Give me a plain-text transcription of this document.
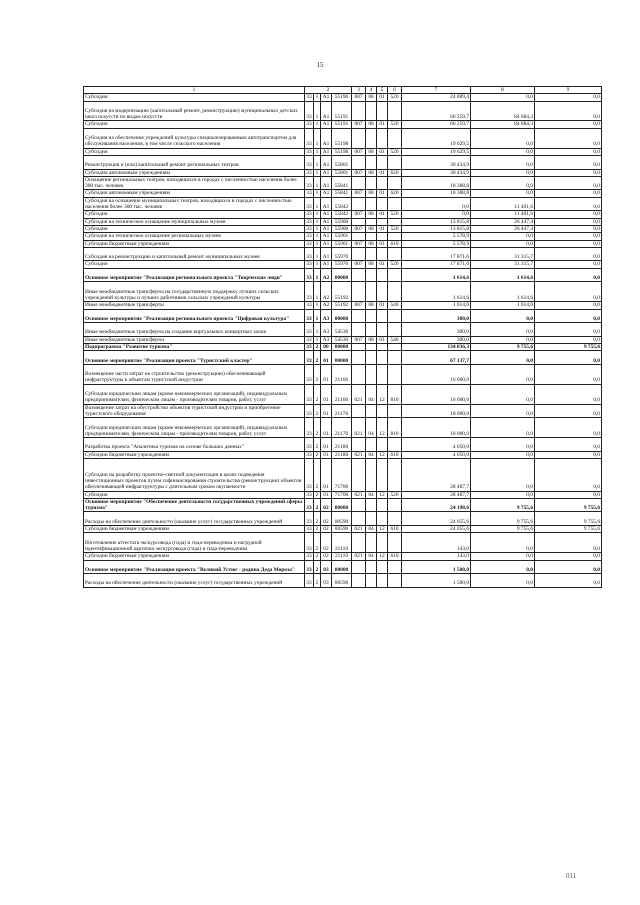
15
1	2				3	4	5	6	7	8	9
Субсидии	33	1	A1	55190	007	08	01	520	24 889,4	0,0	0,0
Субсидия на модернизацию (капитальный ремонт, реконструкцию) муниципальных детских школ искусств по видам искусств	33	1	A1	55191					60 259,7	84 684,3	0,0
Субсидии	33	1	A1	55191	007	08	01	520	60 259,7	84 684,3	0,0
Субсидия на обеспечение учреждений культуры специализированным автотранспортом для обслуживания населения, в том числе сельского населения	33	1	A1	55198					19 629,5	0,0	0,0
Субсидии	33	1	A1	55198	007	08	01	520	19 629,5	0,0	0,0
Реконструкция и (или) капитальный ремонт региональных театров	33	1	A1	55801					30 434,9	0,0	0,0
Субсидии автономным учреждениям	33	1	A1	55801	007	08	01	620	30 434,9	0,0	0,0
Оснащение региональных театров, находящихся в городах с численностью населения более 300 тыс. человек	33	1	A1	55841					18 388,8	0,0	0,0
Субсидии автономным учреждениям	33	1	A1	55841	007	08	01	620	18 388,8	0,0	0,0
Субсидия на оснащение муниципальных театров, находящихся в городах с численностью населения более 300 тыс. человек	33	1	A1	55842					0,0	11 401,6	0,0
Субсидии	33	1	A1	55842	007	08	01	520	0,0	11 401,6	0,0
Субсидия на техническое оснащение муниципальных музеев	33	1	A1	55900					13 815,8	26 447,4	0,0
Субсидии	33	1	A1	55900	007	08	01	520	13 815,8	26 447,4	0,0
Субсидия на техническое оснащение региональных музеев	33	1	A1	55901					5 578,9	0,0	0,0
Субсидии бюджетным учреждениям	33	1	A1	55901	007	08	01	610	5 578,9	0,0	0,0
Субсидия на реконструкцию и капитальный ремонт муниципальных музеев	33	1	A1	55970					17 871,6	31 315,7	0,0
Субсидии	33	1	A1	55970	007	08	01	520	17 871,6	31 315,7	0,0
Основное мероприятие "Реализация регионального проекта "Творческие люди"	33	1	A2	00000					1 614,6	1 614,6	0,0
Иные межбюджетные трансферты на государственную поддержку лучших сельских учреждений культуры и лучших работников сельских учреждений культуры	33	1	A2	55192					1 614,6	1 614,6	0,0
Иные межбюджетные трансферты	33	1	A2	55192	007	08	01	540	1 614,6	1 614,6	0,0
Основное мероприятие "Реализация регионального проекта "Цифровая культура"	33	1	A3	00000					300,0	0,0	0,0
Иные межбюджетные трансферты на создание виртуальных концертных залов	33	1	A3	54530					300,0	0,0	0,0
Иные межбюджетные трансферты	33	1	A3	54530	007	08	01	540	300,0	0,0	0,0
Подпрограмма "Развитие туризма"	33	2	00	00000					134 836,3	9 755,6	9 755,6
Основное мероприятие "Реализация проекта "Туристский кластер"	33	2	01	00000					67 137,7	0,0	0,0
Возмещение части затрат на строительство (реконструкцию) обеспечивающей инфраструктуры к объектам туристской индустрии	33	2	01	21160					16 000,0	0,0	0,0
Субсидии юридическим лицам (кроме некоммерческих организаций), индивидуальным предпринимателям, физическим лицам - производителям товаров, работ, услуг	33	2	01	21160	021	04	12	810	16 000,0	0,0	0,0
Возмещение затрат на обустройство объектов туристской индустрии и приобретение туристского оборудования	33	2	01	21170					18 000,0	0,0	0,0
Субсидии юридическим лицам (кроме некоммерческих организаций), индивидуальным предпринимателям, физическим лицам - производителям товаров, работ, услуг	33	2	01	21170	021	04	12	810	18 000,0	0,0	0,0
Разработка проекта "Аналитика туризма на основе больших данных"	33	2	01	21180					4 650,0	0,0	0,0
Субсидии бюджетным учреждениям	33	2	01	21180	021	04	12	610	4 650,0	0,0	0,0
Субсидии на разработку проектно-сметной документации в целях подведения инвестиционных проектов путем софинансирования строительства (реконструкции) объектов обеспечивающей инфраструктуры с длительным сроком окупаемости	33	2	01	71700					28 487,7	0,0	0,0
Субсидии	33	2	01	71700	021	04	12	520	28 487,7	0,0	0,0
Основное мероприятие "Обеспечение деятельности государственных учреждений сферы туризма"	33	2	02	00000					24 198,6	9 755,6	9 755,6
Расходы на обеспечение деятельности (оказание услуг) государственных учреждений	33	2	02	00590					24 055,6	9 755,6	9 755,6
Субсидии бюджетным учреждениям	33	2	02	00590	021	04	12	610	24 055,6	9 755,6	9 755,6
Изготовление аттестата экскурсовода (гида) и гида-переводчика и нагрудной идентификационной карточки экскурсовода (гида) и гида-переводчика	33	2	02	21110					143,0	0,0	0,0
Субсидии бюджетным учреждениям	33	2	02	21110	021	04	12	610	143,0	0,0	0,0
Основное мероприятие "Реализация проекта "Великий Устюг - родина Деда Мороза"	33	2	03	00000					1 500,0	0,0	0,0
Расходы на обеспечение деятельности (оказание услуг) государственных учреждений	33	2	03	00590					1 500,0	0,0	0,0
011
